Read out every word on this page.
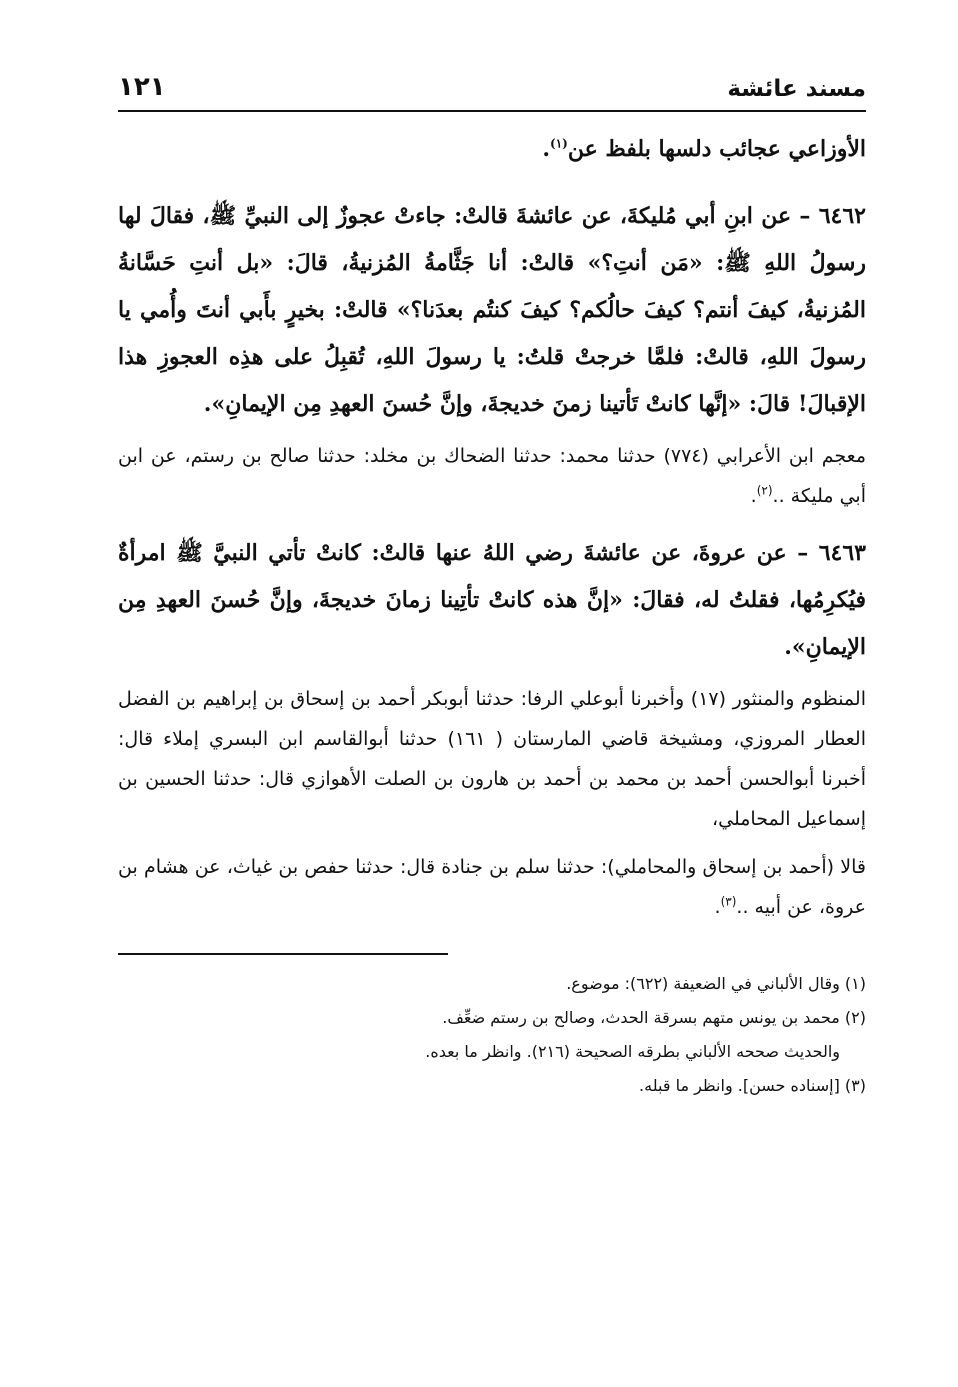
مسند عائشة
١٢١

الأوزاعي عجائب دلسها بلفظ عن$^{(١)}$.

٦٤٦٢ – عن ابنِ أبي مُليكةَ، عن عائشةَ قالتْ: جاءتْ عجوزٌ إلى النبيِّ ﷺ، فقالَ لها رسولُ اللهِ ﷺ: «مَن أنتِ؟» قالتْ: أنا جَثَّامةُ المُزنيةُ، قالَ: «بل أنتِ حَسَّانةُ المُزنيةُ، كيفَ أنتم؟ كيفَ حالُكم؟ كيفَ كنتُم بعدَنا؟» قالتْ: بخيرٍ بأَبي أنتَ وأُمي يا رسولَ اللهِ، قالتْ: فلمَّا خرجتْ قلتُ: يا رسولَ اللهِ، تُقبِلُ على هذِه العجوزِ هذا الإقبالَ! قالَ: «إنَّها كانتْ تَأتينا زمنَ خديجةَ، وإنَّ حُسنَ العهدِ مِن الإيمانِ».

معجم ابن الأعرابي (٧٧٤) حدثنا محمد: حدثنا الضحاك بن مخلد: حدثنا صالح بن رستم، عن ابن أبي مليكة ..$^{(٢)}$.

٦٤٦٣ – عن عروةَ، عن عائشةَ رضي اللهُ عنها قالتْ: كانتْ تأتي النبيَّ ﷺ امرأةٌ فيُكرِمُها، فقلتُ له، فقالَ: «إنَّ هذه كانتْ تأتِينا زمانَ خديجةَ، وإنَّ حُسنَ العهدِ مِن الإيمانِ».

المنظوم والمنثور (١٧) وأخبرنا أبوعلي الرفا: حدثنا أبوبكر أحمد بن إسحاق بن إبراهيم بن الفضل العطار المروزي، ومشيخة قاضي المارستان ( ١٦١) حدثنا أبوالقاسم ابن البسري إملاء قال: أخبرنا أبوالحسن أحمد بن محمد بن أحمد بن هارون بن الصلت الأهوازي قال: حدثنا الحسين بن إسماعيل المحاملي،

قالا (أحمد بن إسحاق والمحاملي): حدثنا سلم بن جنادة قال: حدثنا حفص بن غياث، عن هشام بن عروة، عن أبيه ..$^{(٣)}$.

(١) وقال الألباني في الضعيفة (٦٢٢): موضوع.
(٢) محمد بن يونس متهم بسرقة الحدث، وصالح بن رستم ضعِّف.
والحديث صححه الألباني بطرقه الصحيحة (٢١٦). وانظر ما بعده.
(٣) [إسناده حسن]. وانظر ما قبله.
